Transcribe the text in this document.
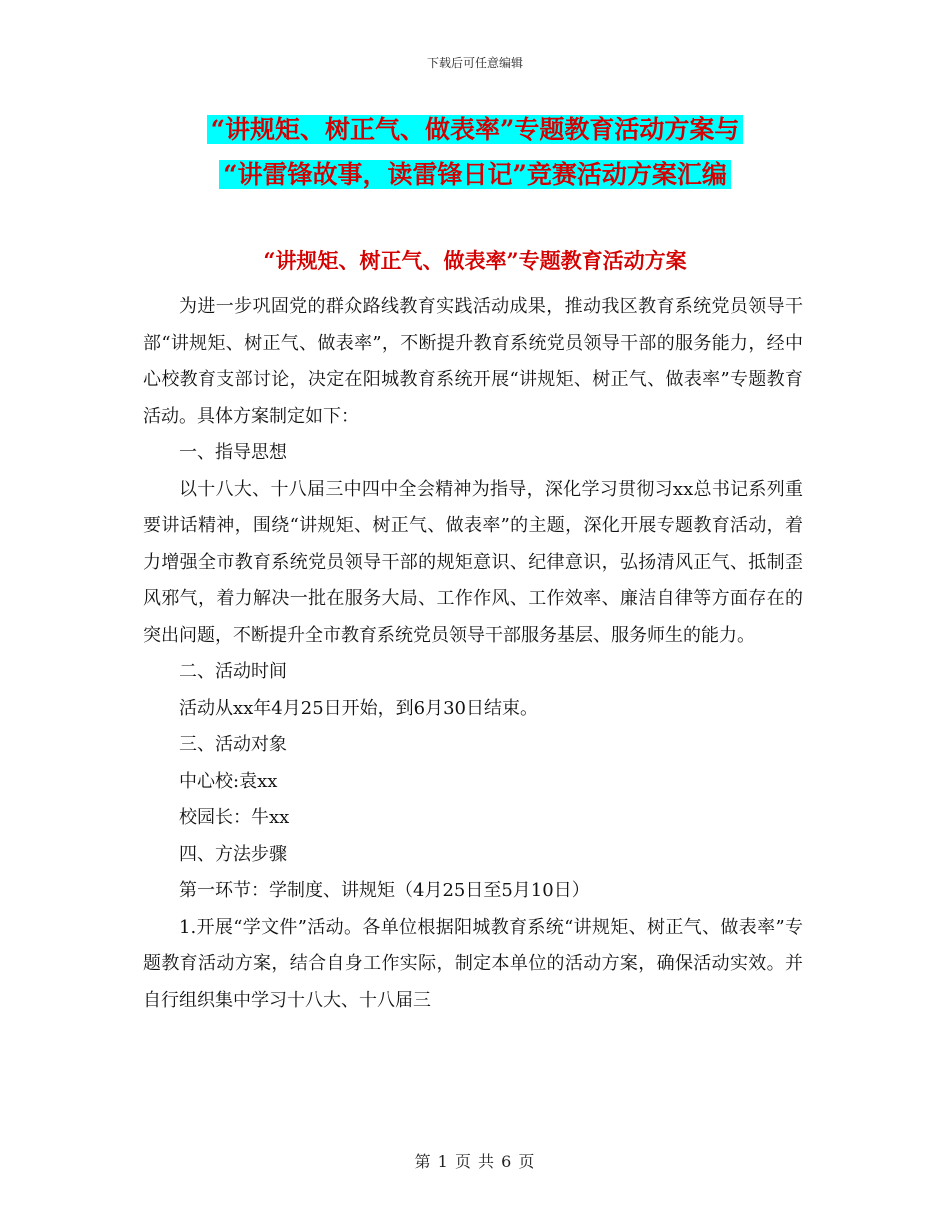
下载后可任意编辑
“讲规矩、树正气、做表率”专题教育活动方案与
“讲雷锋故事，读雷锋日记”竞赛活动方案汇编
“讲规矩、树正气、做表率”专题教育活动方案

为进一步巩固党的群众路线教育实践活动成果，推动我区教育系统党员领导干部“讲规矩、树正气、做表率”，不断提升教育系统党员领导干部的服务能力，经中心校教育支部讨论，决定在阳城教育系统开展“讲规矩、树正气、做表率”专题教育活动。具体方案制定如下：

一、指导思想

以十八大、十八届三中四中全会精神为指导，深化学习贯彻习xx总书记系列重要讲话精神，围绕“讲规矩、树正气、做表率”的主题，深化开展专题教育活动，着力增强全市教育系统党员领导干部的规矩意识、纪律意识，弘扬清风正气、抵制歪风邪气，着力解决一批在服务大局、工作作风、工作效率、廉洁自律等方面存在的突出问题，不断提升全市教育系统党员领导干部服务基层、服务师生的能力。

二、活动时间

活动从xx年4月25日开始，到6月30日结束。

三、活动对象

中心校:袁xx

校园长：牛xx

四、方法步骤

第一环节：学制度、讲规矩（4月25日至5月10日）

1.开展“学文件”活动。各单位根据阳城教育系统“讲规矩、树正气、做表率”专题教育活动方案，结合自身工作实际，制定本单位的活动方案，确保活动实效。并自行组织集中学习十八大、十八届三

第 1 页 共 6 页
